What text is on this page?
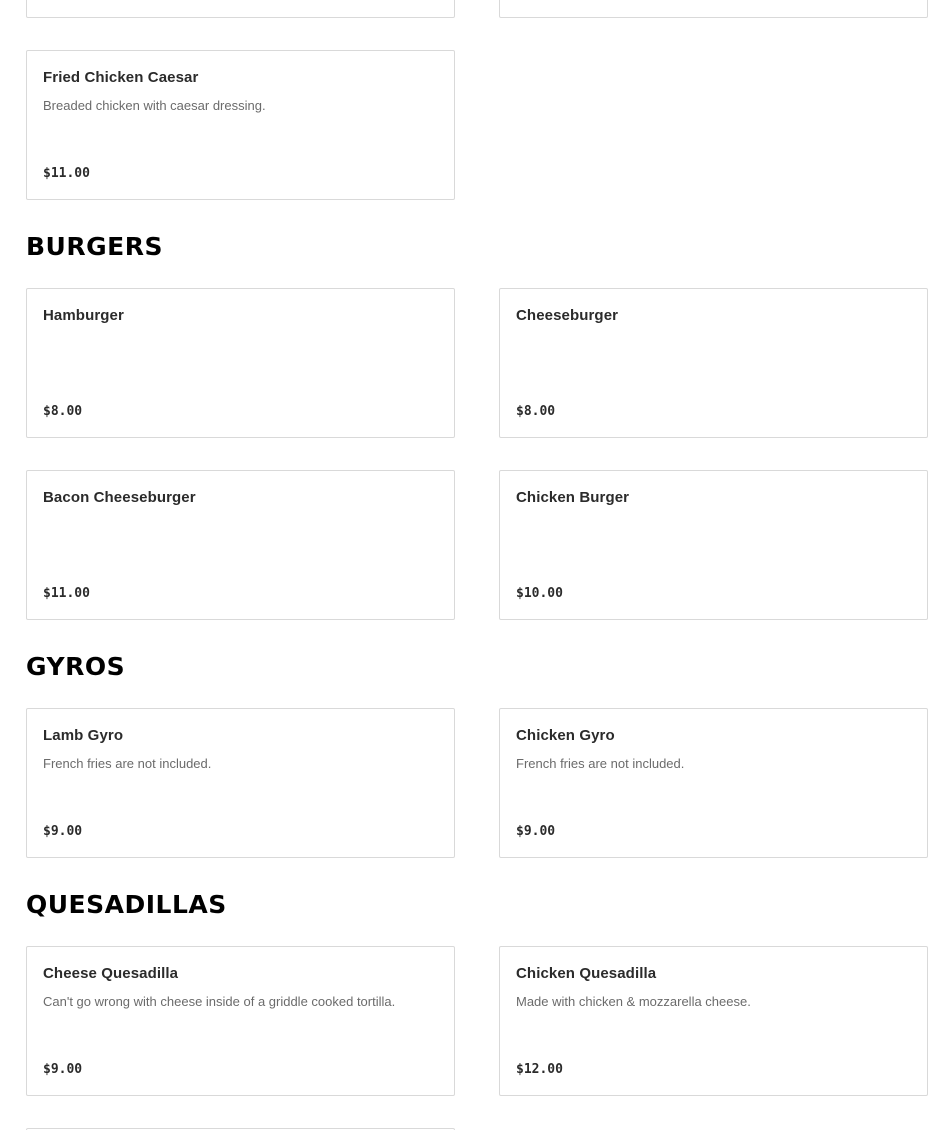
Fried Chicken Caesar
Breaded chicken with caesar dressing.
$11.00
BURGERS
Hamburger
$8.00
Cheeseburger
$8.00
Bacon Cheeseburger
$11.00
Chicken Burger
$10.00
GYROS
Lamb Gyro
French fries are not included.
$9.00
Chicken Gyro
French fries are not included.
$9.00
QUESADILLAS
Cheese Quesadilla
Can't go wrong with cheese inside of a griddle cooked tortilla.
$9.00
Chicken Quesadilla
Made with chicken & mozzarella cheese.
$12.00
